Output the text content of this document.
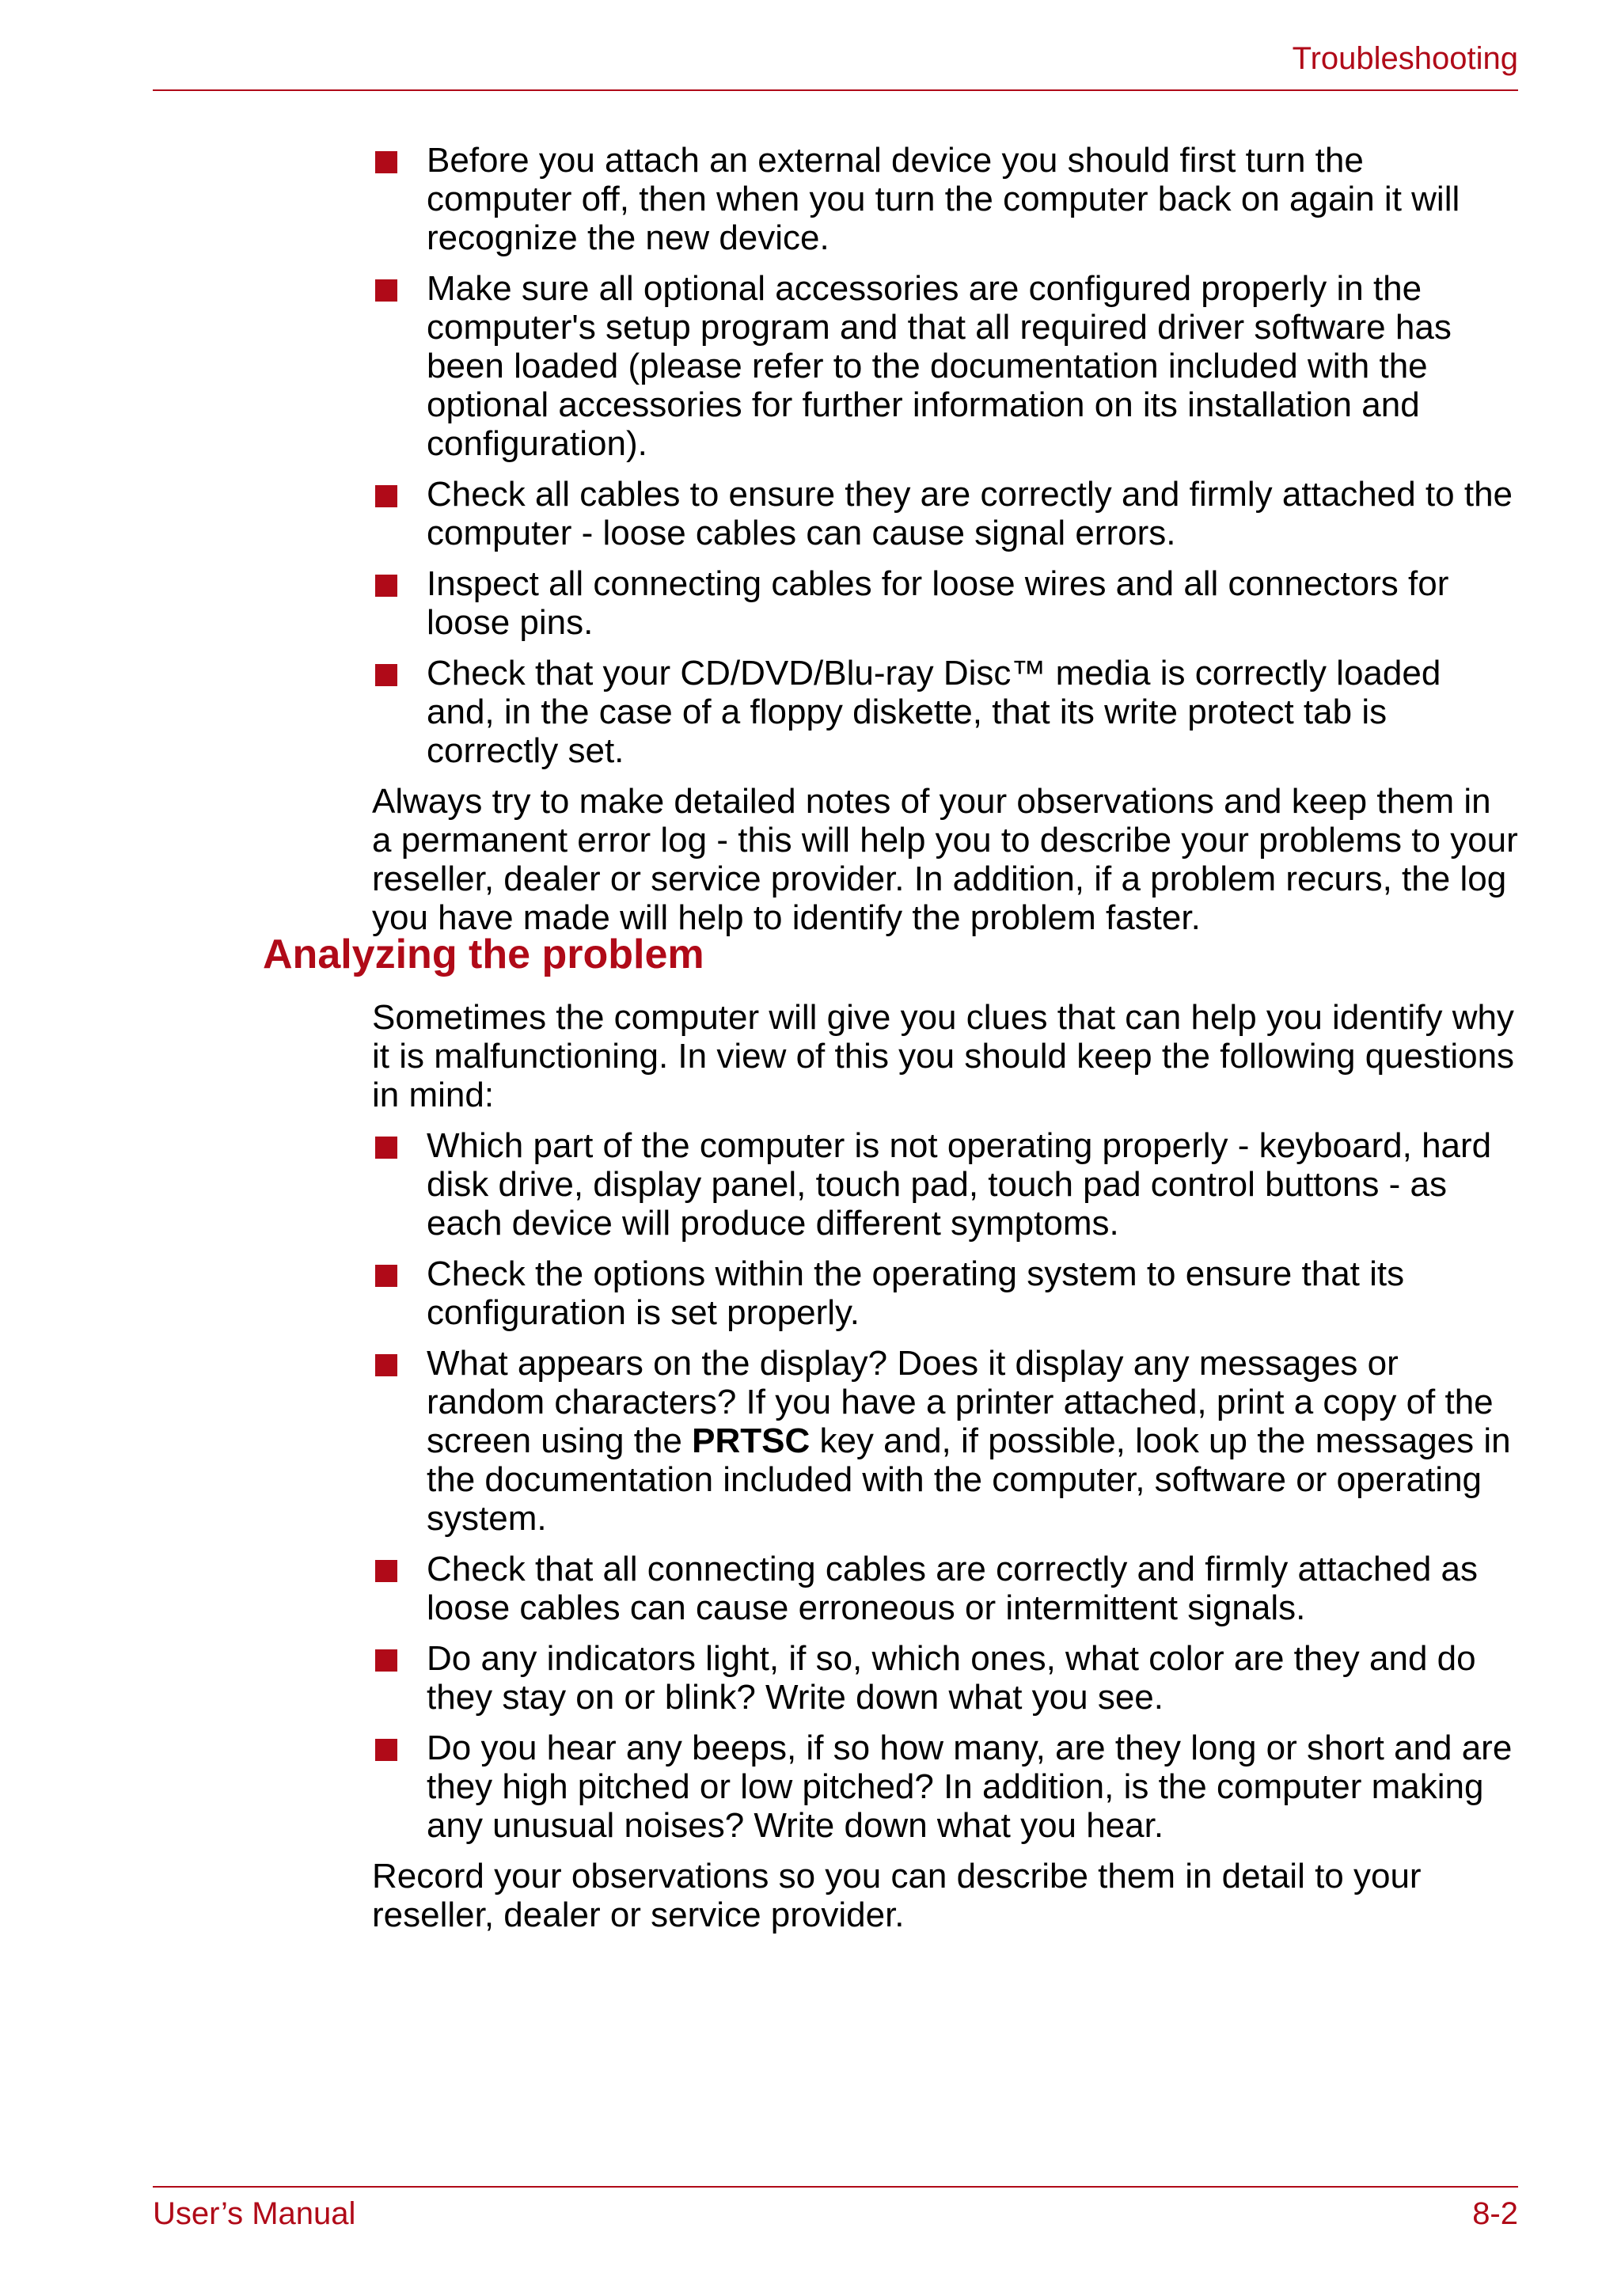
Troubleshooting
Before you attach an external device you should first turn the computer off, then when you turn the computer back on again it will recognize the new device.
Make sure all optional accessories are configured properly in the computer's setup program and that all required driver software has been loaded (please refer to the documentation included with the optional accessories for further information on its installation and configuration).
Check all cables to ensure they are correctly and firmly attached to the computer - loose cables can cause signal errors.
Inspect all connecting cables for loose wires and all connectors for loose pins.
Check that your CD/DVD/Blu-ray Disc™ media is correctly loaded and, in the case of a floppy diskette, that its write protect tab is correctly set.

Always try to make detailed notes of your observations and keep them in a permanent error log - this will help you to describe your problems to your reseller, dealer or service provider. In addition, if a problem recurs, the log you have made will help to identify the problem faster.

Analyzing the problem

Sometimes the computer will give you clues that can help you identify why it is malfunctioning. In view of this you should keep the following questions in mind:

Which part of the computer is not operating properly - keyboard, hard disk drive, display panel, touch pad, touch pad control buttons - as each device will produce different symptoms.
Check the options within the operating system to ensure that its configuration is set properly.
What appears on the display? Does it display any messages or random characters? If you have a printer attached, print a copy of the screen using the PRTSC key and, if possible, look up the messages in the documentation included with the computer, software or operating system.
Check that all connecting cables are correctly and firmly attached as loose cables can cause erroneous or intermittent signals.
Do any indicators light, if so, which ones, what color are they and do they stay on or blink? Write down what you see.
Do you hear any beeps, if so how many, are they long or short and are they high pitched or low pitched? In addition, is the computer making any unusual noises? Write down what you hear.

Record your observations so you can describe them in detail to your reseller, dealer or service provider.

User’s Manual	8-2
